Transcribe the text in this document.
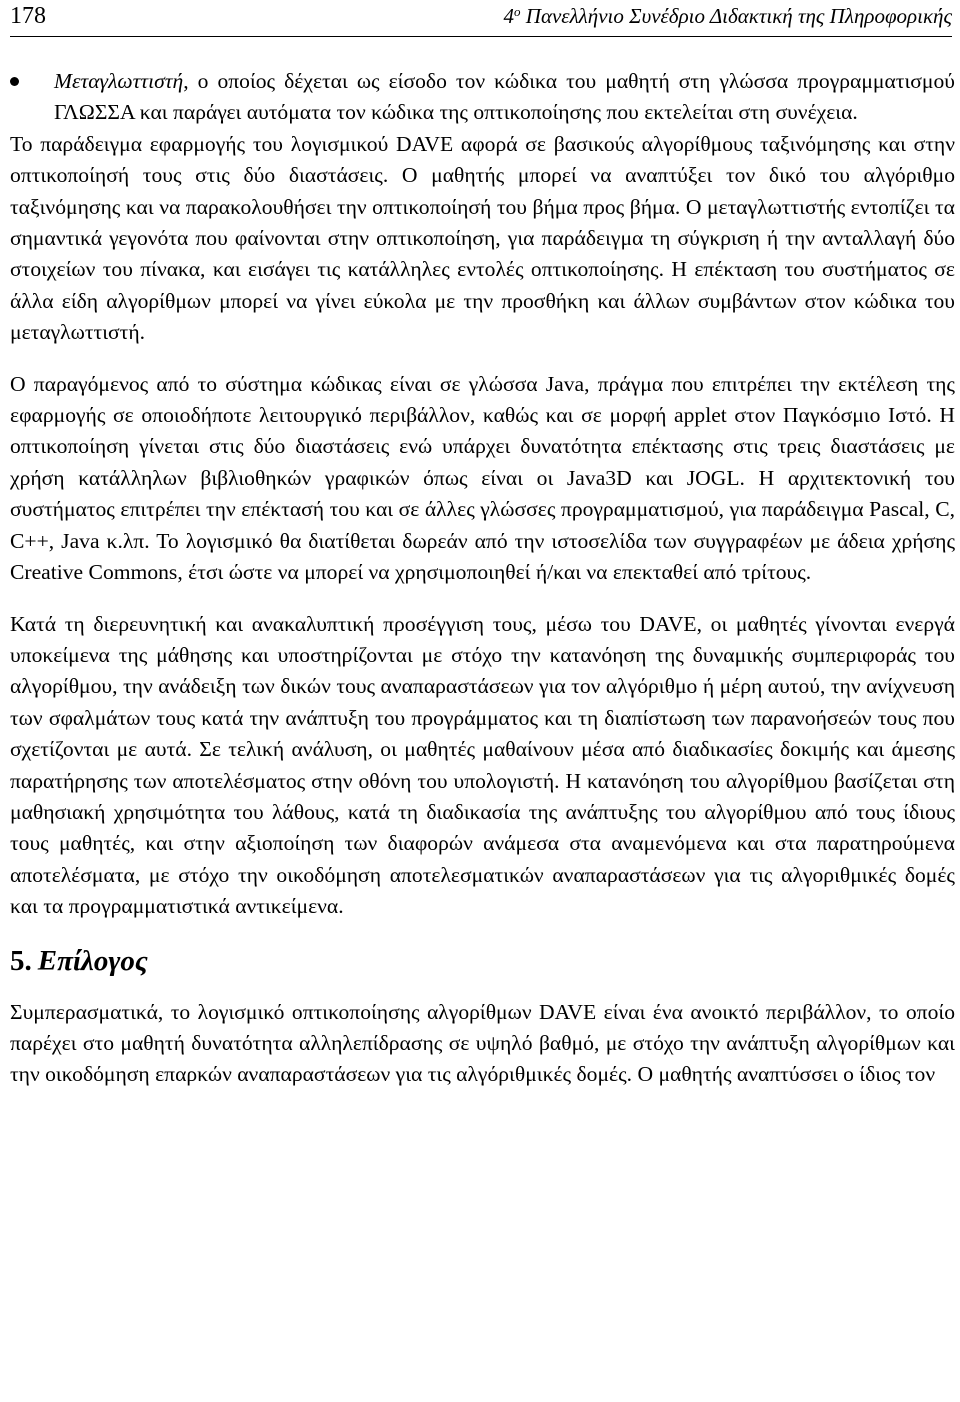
178	$4^o$ Πανελλήνιο Συνέδριο Διδακτική της Πληροφορικής

Μεταγλωττιστή, ο οποίος δέχεται ως είσοδο τον κώδικα του μαθητή στη γλώσσα προγραμματισμού ΓΛΩΣΣΑ και παράγει αυτόματα τον κώδικα της οπτικοποίησης που εκτελείται στη συνέχεια.

Το παράδειγμα εφαρμογής του λογισμικού DAVE αφορά σε βασικούς αλγορίθμους ταξινόμησης και στην οπτικοποίησή τους στις δύο διαστάσεις. Ο μαθητής μπορεί να αναπτύξει τον δικό του αλγόριθμο ταξινόμησης και να παρακολουθήσει την οπτικοποίησή του βήμα προς βήμα. Ο μεταγλωττιστής εντοπίζει τα σημαντικά γεγονότα που φαίνονται στην οπτικοποίηση, για παράδειγμα τη σύγκριση ή την ανταλλαγή δύο στοιχείων του πίνακα, και εισάγει τις κατάλληλες εντολές οπτικοποίησης. Η επέκταση του συστήματος σε άλλα είδη αλγορίθμων μπορεί να γίνει εύκολα με την προσθήκη και άλλων συμβάντων στον κώδικα του μεταγλωττιστή.

Ο παραγόμενος από το σύστημα κώδικας είναι σε γλώσσα Java, πράγμα που επιτρέπει την εκτέλεση της εφαρμογής σε οποιοδήποτε λειτουργικό περιβάλλον, καθώς και σε μορφή applet στον Παγκόσμιο Ιστό. Η οπτικοποίηση γίνεται στις δύο διαστάσεις ενώ υπάρχει δυνατότητα επέκτασης στις τρεις διαστάσεις με χρήση κατάλληλων βιβλιοθηκών γραφικών όπως είναι οι Java3D και JOGL. Η αρχιτεκτονική του συστήματος επιτρέπει την επέκτασή του και σε άλλες γλώσσες προγραμματισμού, για παράδειγμα Pascal, C, C++, Java κ.λπ. Το λογισμικό θα διατίθεται δωρεάν από την ιστοσελίδα των συγγραφέων με άδεια χρήσης Creative Commons, έτσι ώστε να μπορεί να χρησιμοποιηθεί ή/και να επεκταθεί από τρίτους.

Κατά τη διερευνητική και ανακαλυπτική προσέγγιση τους, μέσω του DAVE, οι μαθητές γίνονται ενεργά υποκείμενα της μάθησης και υποστηρίζονται με στόχο την κατανόηση της δυναμικής συμπεριφοράς του αλγορίθμου, την ανάδειξη των δικών τους αναπαραστάσεων για τον αλγόριθμο ή μέρη αυτού, την ανίχνευση των σφαλμάτων τους κατά την ανάπτυξη του προγράμματος και τη διαπίστωση των παρανοήσεών τους που σχετίζονται με αυτά. Σε τελική ανάλυση, οι μαθητές μαθαίνουν μέσα από διαδικασίες δοκιμής και άμεσης παρατήρησης των αποτελέσματος στην οθόνη του υπολογιστή. Η κατανόηση του αλγορίθμου βασίζεται στη μαθησιακή χρησιμότητα του λάθους, κατά τη διαδικασία της ανάπτυξης του αλγορίθμου από τους ίδιους τους μαθητές, και στην αξιοποίηση των διαφορών ανάμεσα στα αναμενόμενα και στα παρατηρούμενα αποτελέσματα, με στόχο την οικοδόμηση αποτελεσματικών αναπαραστάσεων για τις αλγοριθμικές δομές και τα προγραμματιστικά αντικείμενα.

5. Επίλογος

Συμπερασματικά, το λογισμικό οπτικοποίησης αλγορίθμων DAVE είναι ένα ανοικτό περιβάλλον, το οποίο παρέχει στο μαθητή δυνατότητα αλληλεπίδρασης σε υψηλό βαθμό, με στόχο την ανάπτυξη αλγορίθμων και την οικοδόμηση επαρκών αναπαραστάσεων για τις αλγόριθμικές δομές. Ο μαθητής αναπτύσσει ο ίδιος τον
